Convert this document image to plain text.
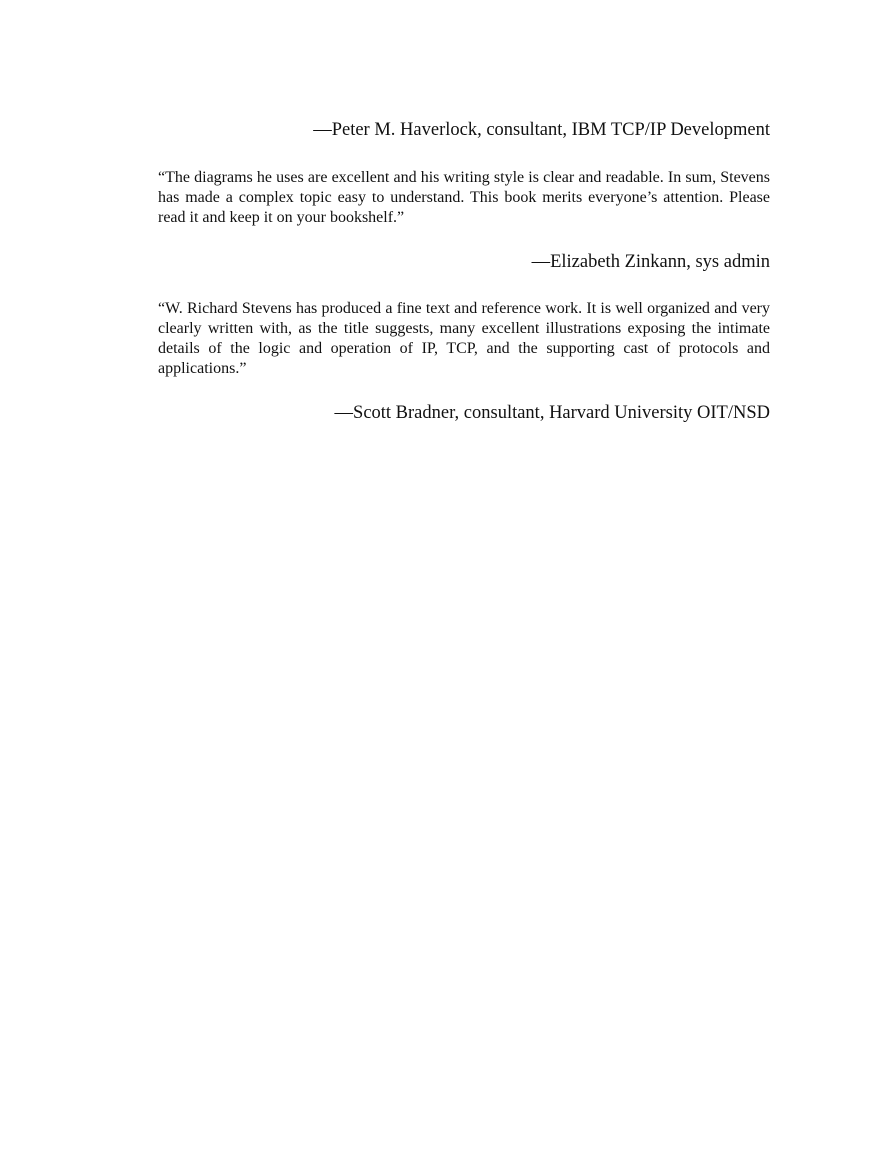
—Peter M. Haverlock, consultant, IBM TCP/IP Development

“The diagrams he uses are excellent and his writing style is clear and readable. In sum, Stevens has made a complex topic easy to understand. This book merits everyone’s attention. Please read it and keep it on your bookshelf.”

—Elizabeth Zinkann, sys admin

“W. Richard Stevens has produced a fine text and reference work. It is well organized and very clearly written with, as the title suggests, many excellent illustrations exposing the intimate details of the logic and operation of IP, TCP, and the supporting cast of protocols and applications.”

—Scott Bradner, consultant, Harvard University OIT/NSD
